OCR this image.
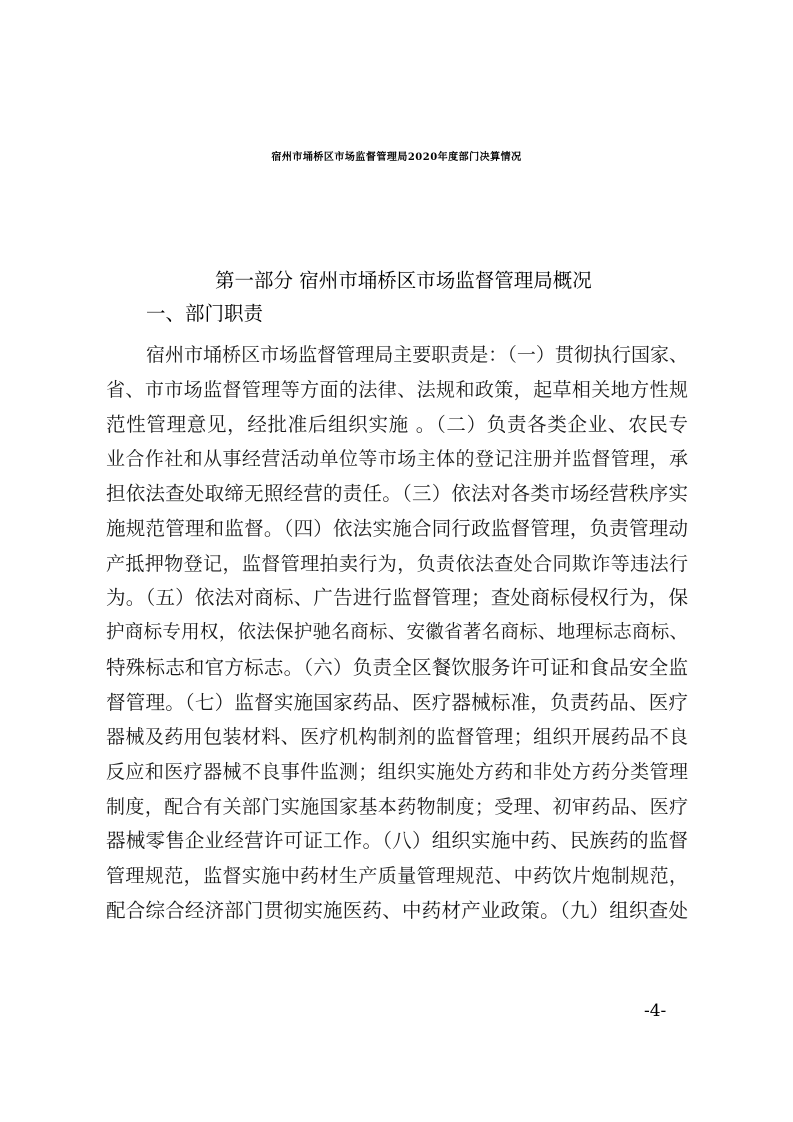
宿州市埇桥区市场监督管理局2020年度部门决算情况
第一部分 宿州市埇桥区市场监督管理局概况
一、部门职责
宿州市埇桥区市场监督管理局主要职责是：（一）贯彻执行国家、
省、市市场监督管理等方面的法律、法规和政策，起草相关地方性规
范性管理意见，经批准后组织实施 。（二）负责各类企业、农民专
业合作社和从事经营活动单位等市场主体的登记注册并监督管理，承
担依法查处取缔无照经营的责任。（三）依法对各类市场经营秩序实
施规范管理和监督。（四）依法实施合同行政监督管理，负责管理动
产抵押物登记，监督管理拍卖行为，负责依法查处合同欺诈等违法行
为。（五）依法对商标、广告进行监督管理；查处商标侵权行为，保
护商标专用权，依法保护驰名商标、安徽省著名商标、地理标志商标、
特殊标志和官方标志。（六）负责全区餐饮服务许可证和食品安全监
督管理。（七）监督实施国家药品、医疗器械标准，负责药品、医疗
器械及药用包装材料、医疗机构制剂的监督管理；组织开展药品不良
反应和医疗器械不良事件监测；组织实施处方药和非处方药分类管理
制度，配合有关部门实施国家基本药物制度；受理、初审药品、医疗
器械零售企业经营许可证工作。（八）组织实施中药、民族药的监督
管理规范，监督实施中药材生产质量管理规范、中药饮片炮制规范，
配合综合经济部门贯彻实施医药、中药材产业政策。（九）组织查处
-4-
